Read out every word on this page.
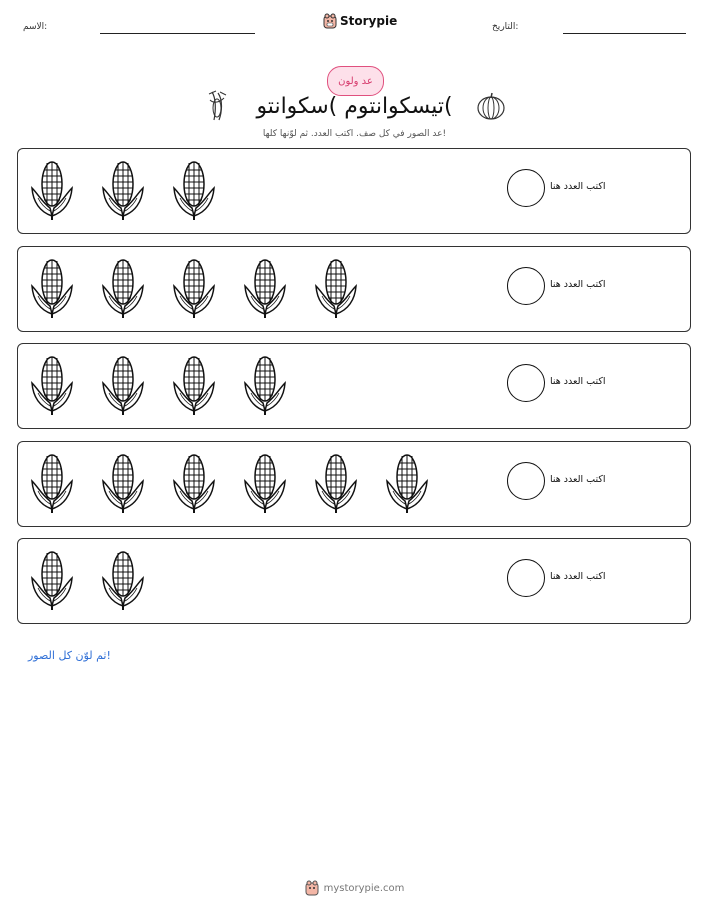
الاسم:	Storypie	التاريخ:
عد ولون
تيسكوانتوم )سكوانتو(
عد الصور في كل صف. اكتب العدد. ثم لوّنها كلها!
اكتب العدد هنا
اكتب العدد هنا
اكتب العدد هنا
اكتب العدد هنا
اكتب العدد هنا
ثم لوّن كل الصور!
mystorypie.com
